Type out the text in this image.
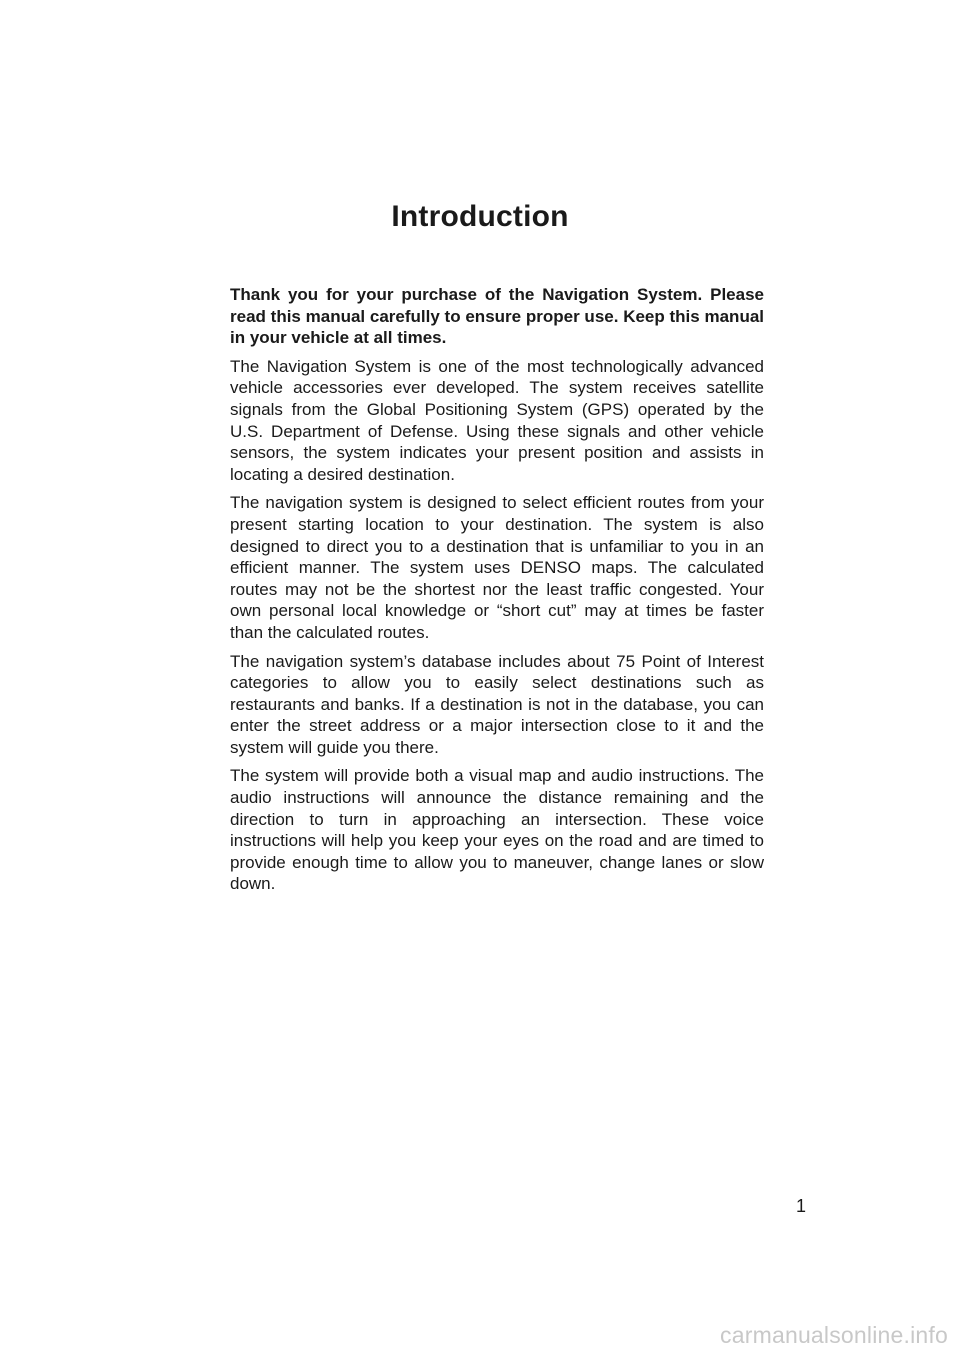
Introduction

Thank you for your purchase of the Navigation System. Please read this manual carefully to ensure proper use. Keep this manual in your vehicle at all times.

The Navigation System is one of the most technologically advanced vehicle accessories ever developed. The system receives satellite signals from the Global Positioning System (GPS) operated by the U.S. Department of Defense. Using these signals and other vehicle sensors, the system indicates your present position and assists in locating a desired destination.

The navigation system is designed to select efficient routes from your present starting location to your destination. The system is also designed to direct you to a destination that is unfamiliar to you in an efficient manner. The system uses DENSO maps. The calculated routes may not be the shortest nor the least traffic congested. Your own personal local knowledge or “short cut” may at times be faster than the calculated routes.

The navigation system’s database includes about 75 Point of Interest categories to allow you to easily select destinations such as restaurants and banks. If a destination is not in the database, you can enter the street address or a major intersection close to it and the system will guide you there.

The system will provide both a visual map and audio instructions. The audio instructions will announce the distance remaining and the direction to turn in approaching an intersection. These voice instructions will help you keep your eyes on the road and are timed to provide enough time to allow you to maneuver, change lanes or slow down.

1
carmanualsonline.info
